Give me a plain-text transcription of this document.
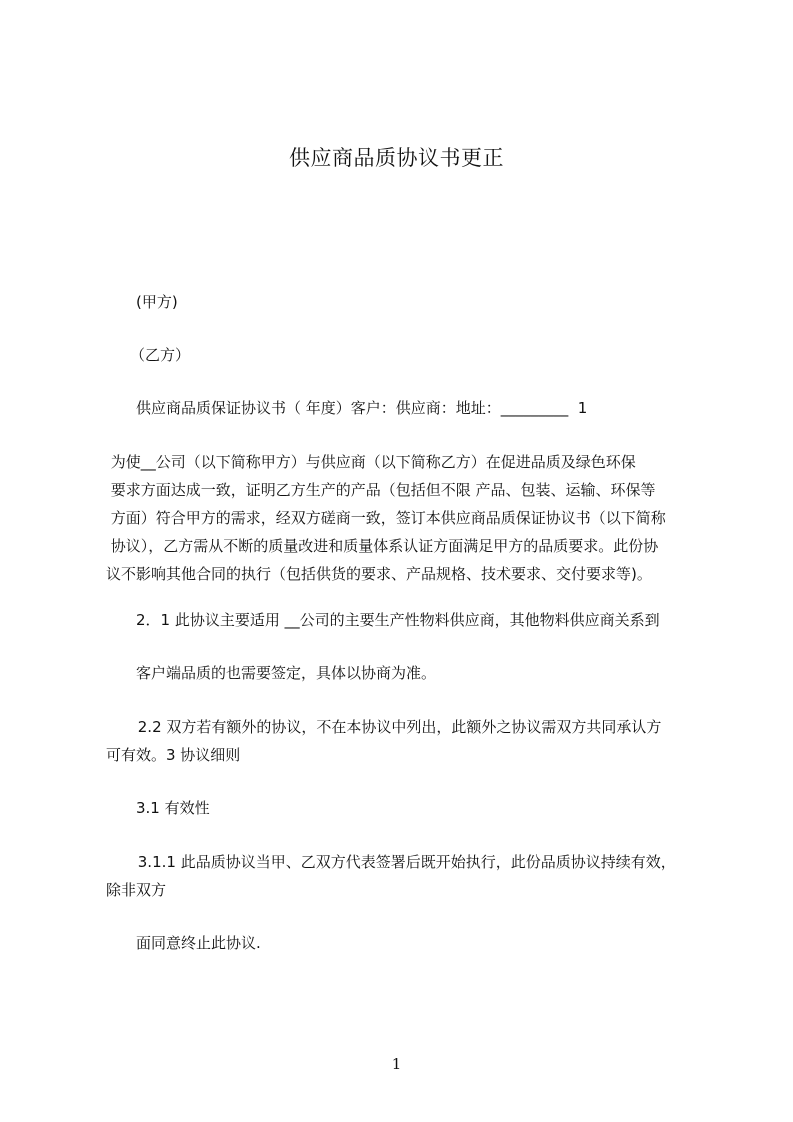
供应商品质协议书更正
(甲方)
（乙方）
供应商品质保证协议书（ 年度）客户：供应商：地址：_________  1
为使__公司（以下简称甲方）与供应商（以下简称乙方）在促进品质及绿色环保
要求方面达成一致，证明乙方生产的产品（包括但不限 产品、包装、运输、环保等
方面）符合甲方的需求，经双方磋商一致，签订本供应商品质保证协议书（以下简称
协议），乙方需从不断的质量改进和质量体系认证方面满足甲方的品质要求。此份协
议不影响其他合同的执行（包括供货的要求、产品规格、技术要求、交付要求等)。
2．1 此协议主要适用 __公司的主要生产性物料供应商，其他物料供应商关系到
客户端品质的也需要签定，具体以协商为准。
2.2 双方若有额外的协议，不在本协议中列出，此额外之协议需双方共同承认方
可有效。3 协议细则
3.1 有效性
3.1.1 此品质协议当甲、乙双方代表签署后既开始执行，此份品质协议持续有效，
除非双方
面同意终止此协议.
1
